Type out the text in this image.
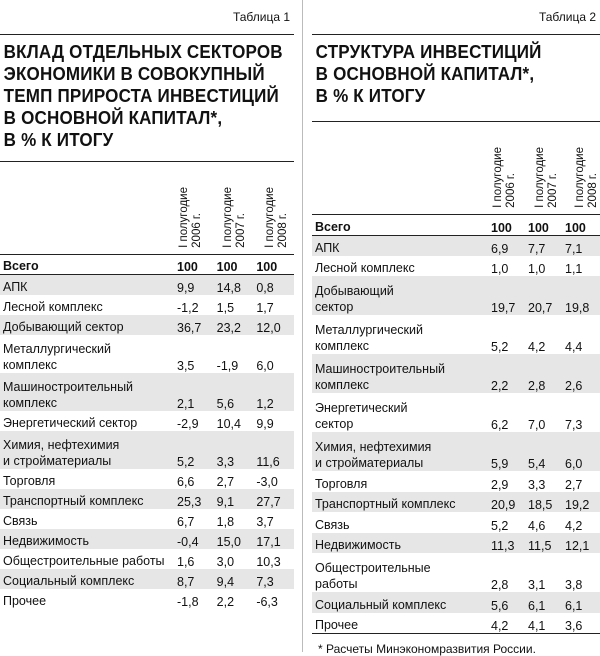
Таблица 1
ВКЛАД ОТДЕЛЬНЫХ СЕКТОРОВ
ЭКОНОМИКИ В СОВОКУПНЫЙ
ТЕМП ПРИРОСТА ИНВЕСТИЦИЙ
В ОСНОВНОЙ КАПИТАЛ*,
В % К ИТОГУ
I полугодие
2006 г.
I полугодие
2007 г.
I полугодие
2008 г.
Всего	100	100	100

АПК	9,9	14,8	0,8

Лесной комплекс	-1,2	1,5	1,7

Добывающий сектор	36,7	23,2	12,0

Металлургический
комплекс	3,5	-1,9	6,0

Машиностроительный
комплекс	2,1	5,6	1,2

Энергетический сектор	-2,9	10,4	9,9

Химия, нефтехимия
и стройматериалы	5,2	3,3	11,6

Торговля	6,6	2,7	-3,0

Транспортный комплекс	25,3	9,1	27,7

Связь	6,7	1,8	3,7

Недвижимость	-0,4	15,0	17,1

Общестроительные работы	1,6	3,0	10,3

Социальный комплекс	8,7	9,4	7,3

Прочее	-1,8	2,2	-6,3
Таблица 2
СТРУКТУРА ИНВЕСТИЦИЙ
В ОСНОВНОЙ КАПИТАЛ*,
В % К ИТОГУ
I полугодие
2006 г.
I полугодие
2007 г.
I полугодие
2008 г.
Всего	100	100	100

АПК	6,9	7,7	7,1

Лесной комплекс	1,0	1,0	1,1

Добывающий
сектор	19,7	20,7	19,8

Металлургический
комплекс	5,2	4,2	4,4

Машиностроительный
комплекс	2,2	2,8	2,6

Энергетический
сектор	6,2	7,0	7,3

Химия, нефтехимия
и стройматериалы	5,9	5,4	6,0

Торговля	2,9	3,3	2,7

Транспортный комплекс	20,9	18,5	19,2

Связь	5,2	4,6	4,2

Недвижимость	11,3	11,5	12,1

Общестроительные
работы	2,8	3,1	3,8

Социальный комплекс	5,6	6,1	6,1

Прочее	4,2	4,1	3,6
* Расчеты Минэкономразвития России.
